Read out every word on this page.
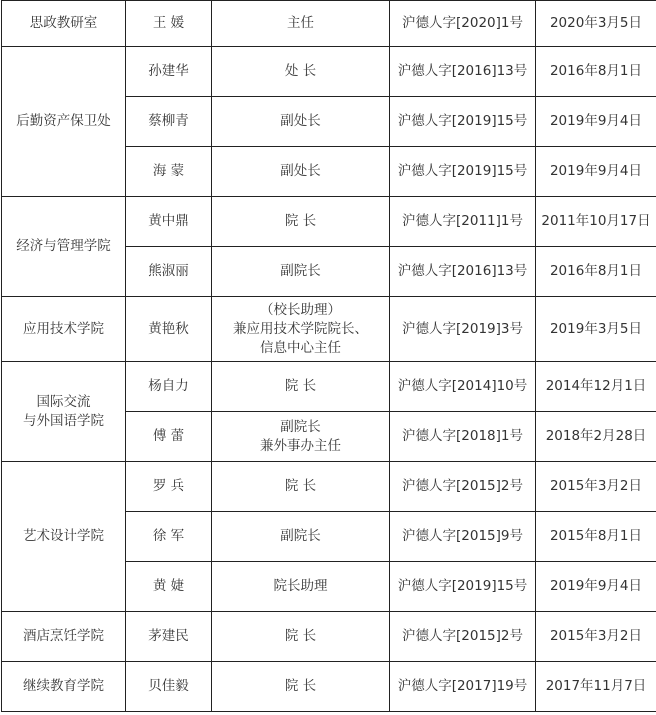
思政教研室	王 媛	主任	沪德人字[2020]1号	2020年3月5日

后勤资产保卫处	孙建华	处 长	沪德人字[2016]13号	2016年8月1日
	蔡柳青	副处长	沪德人字[2019]15号	2019年9月4日
	海 蒙	副处长	沪德人字[2019]15号	2019年9月4日

经济与管理学院	黄中鼎	院 长	沪德人字[2011]1号	2011年10月17日
	熊淑丽	副院长	沪德人字[2016]13号	2016年8月1日

应用技术学院	黄艳秋	（校长助理）
兼应用技术学院院长、
信息中心主任	沪德人字[2019]3号	2019年3月5日

国际交流
与外国语学院	杨自力	院 长	沪德人字[2014]10号	2014年12月1日
	傅 蕾	副院长
兼外事办主任	沪德人字[2018]1号	2018年2月28日

艺术设计学院	罗 兵	院 长	沪德人字[2015]2号	2015年3月2日
	徐 军	副院长	沪德人字[2015]9号	2015年8月1日
	黄 婕	院长助理	沪德人字[2019]15号	2019年9月4日

酒店烹饪学院	茅建民	院 长	沪德人字[2015]2号	2015年3月2日

继续教育学院	贝佳毅	院 长	沪德人字[2017]19号	2017年11月7日
